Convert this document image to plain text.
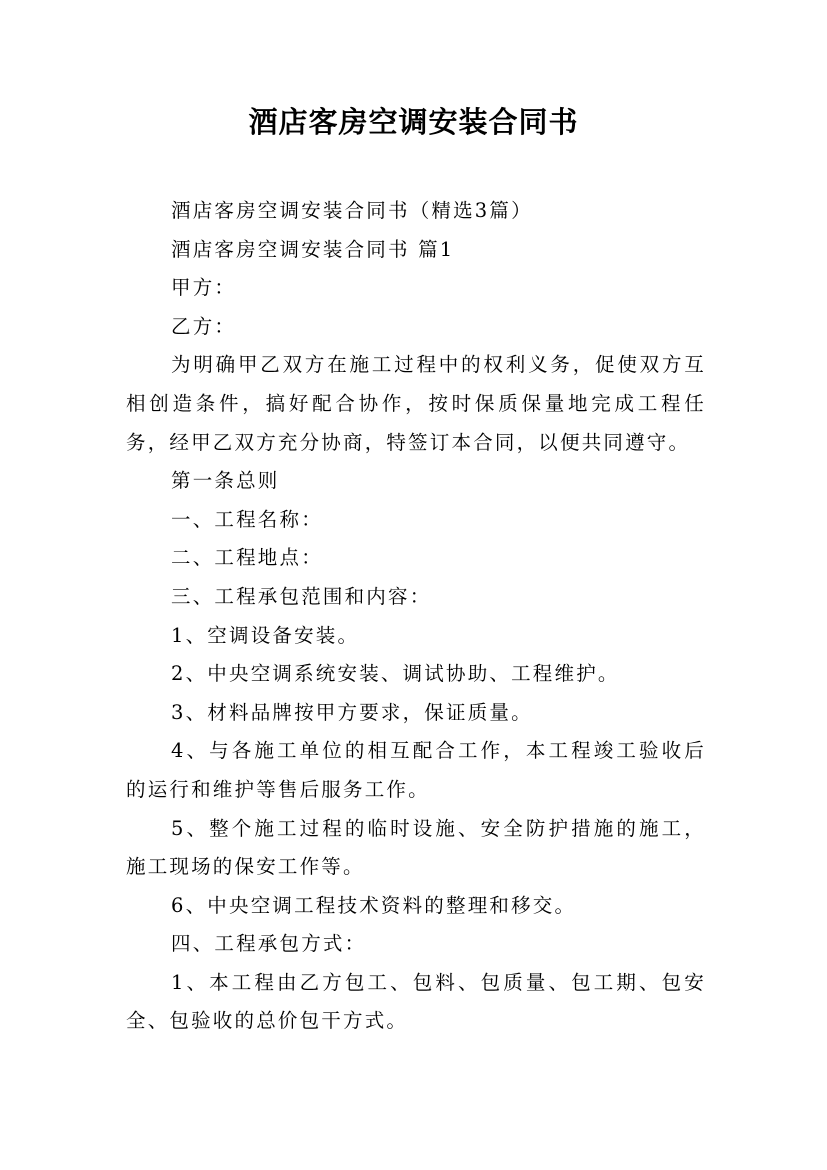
酒店客房空调安装合同书

酒店客房空调安装合同书（精选3篇）

酒店客房空调安装合同书 篇1

甲方：

乙方：

为明确甲乙双方在施工过程中的权利义务，促使双方互相创造条件，搞好配合协作，按时保质保量地完成工程任务，经甲乙双方充分协商，特签订本合同，以便共同遵守。

第一条总则

一、工程名称：

二、工程地点：

三、工程承包范围和内容：

1、空调设备安装。

2、中央空调系统安装、调试协助、工程维护。

3、材料品牌按甲方要求，保证质量。

4、与各施工单位的相互配合工作，本工程竣工验收后的运行和维护等售后服务工作。

5、整个施工过程的临时设施、安全防护措施的施工，施工现场的保安工作等。

6、中央空调工程技术资料的整理和移交。

四、工程承包方式：

1、本工程由乙方包工、包料、包质量、包工期、包安全、包验收的总价包干方式。
